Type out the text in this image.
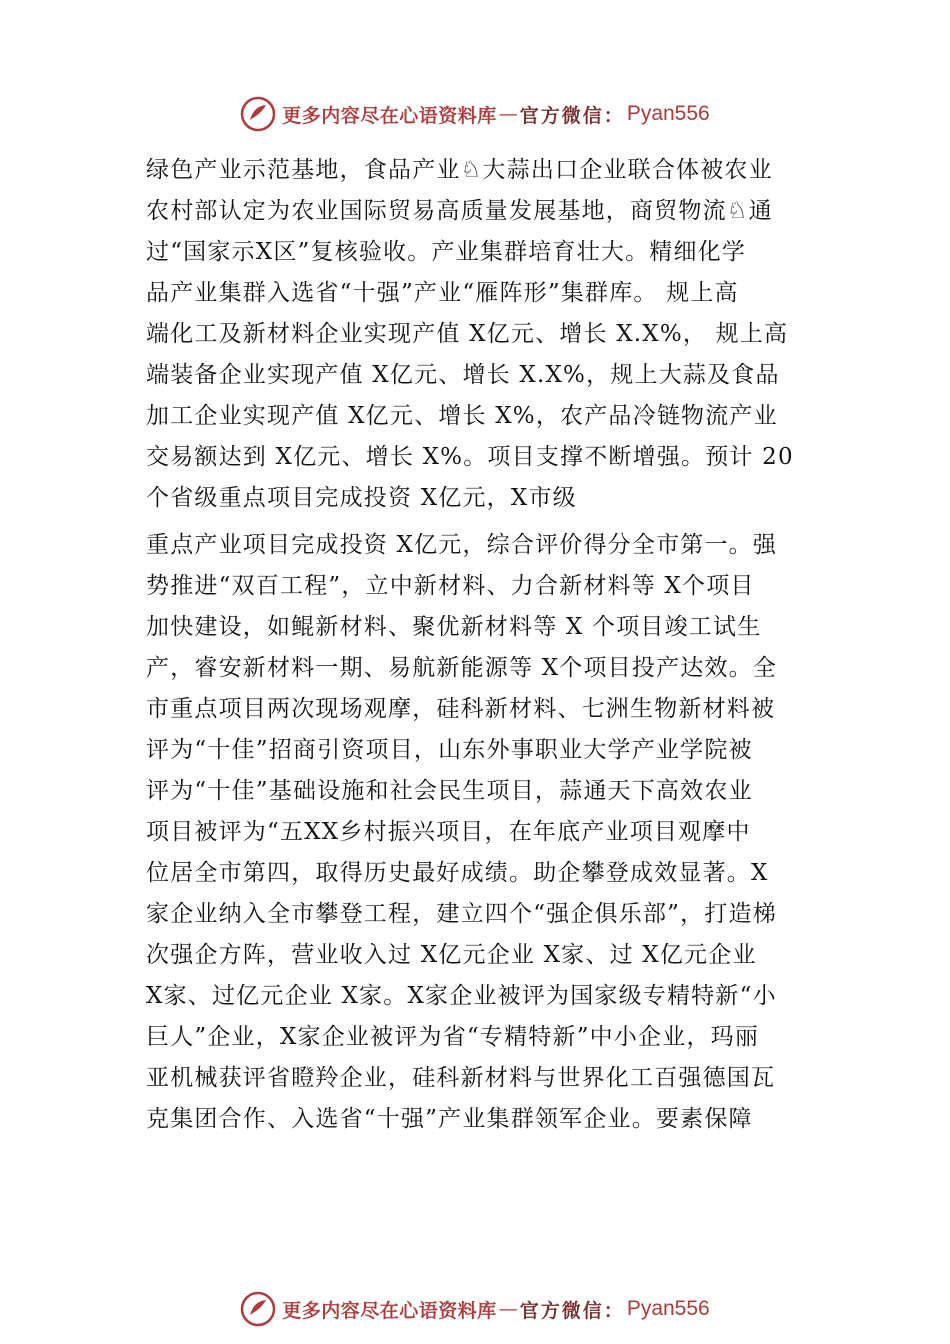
更多内容尽在心语资料库 — 官方微信： Pyan556
绿色产业示范基地，食品产业♘大蒜出口企业联合体被农业
农村部认定为农业国际贸易高质量发展基地，商贸物流♘通
过“国家示Ⅹ区”复核验收。产业集群培育壮大。精细化学
品产业集群入选省“十强”产业“雁阵形”集群库。 规上高
端化工及新材料企业实现产值 X亿元、增长 X.X%， 规上高
端装备企业实现产值 X亿元、增长 X.X%，规上大蒜及食品
加工企业实现产值 X亿元、增长 X%，农产品冷链物流产业
交易额达到 X亿元、增长 X%。项目支撑不断增强。预计 20
个省级重点项目完成投资 X亿元，X市级
重点产业项目完成投资 X亿元，综合评价得分全市第一。强
势推进“双百工程”，立中新材料、力合新材料等 X个项目
加快建设，如鲲新材料、聚优新材料等 X 个项目竣工试生
产，睿安新材料一期、易航新能源等 X个项目投产达效。全
市重点项目两次现场观摩，硅科新材料、七洲生物新材料被
评为“十佳”招商引资项目，山东外事职业大学产业学院被
评为“十佳”基础设施和社会民生项目，蒜通天下高效农业
项目被评为“五XX乡村振兴项目，在年底产业项目观摩中
位居全市第四，取得历史最好成绩。助企攀登成效显著。X
家企业纳入全市攀登工程，建立四个“强企俱乐部”，打造梯
次强企方阵，营业收入过 X亿元企业 X家、过 X亿元企业
X家、过亿元企业 X家。X家企业被评为国家级专精特新“小
巨人”企业，X家企业被评为省“专精特新”中小企业，玛丽
亚机械获评省瞪羚企业，硅科新材料与世界化工百强德国瓦
克集团合作、入选省“十强”产业集群领军企业。要素保障
更多内容尽在心语资料库 — 官方微信： Pyan556
